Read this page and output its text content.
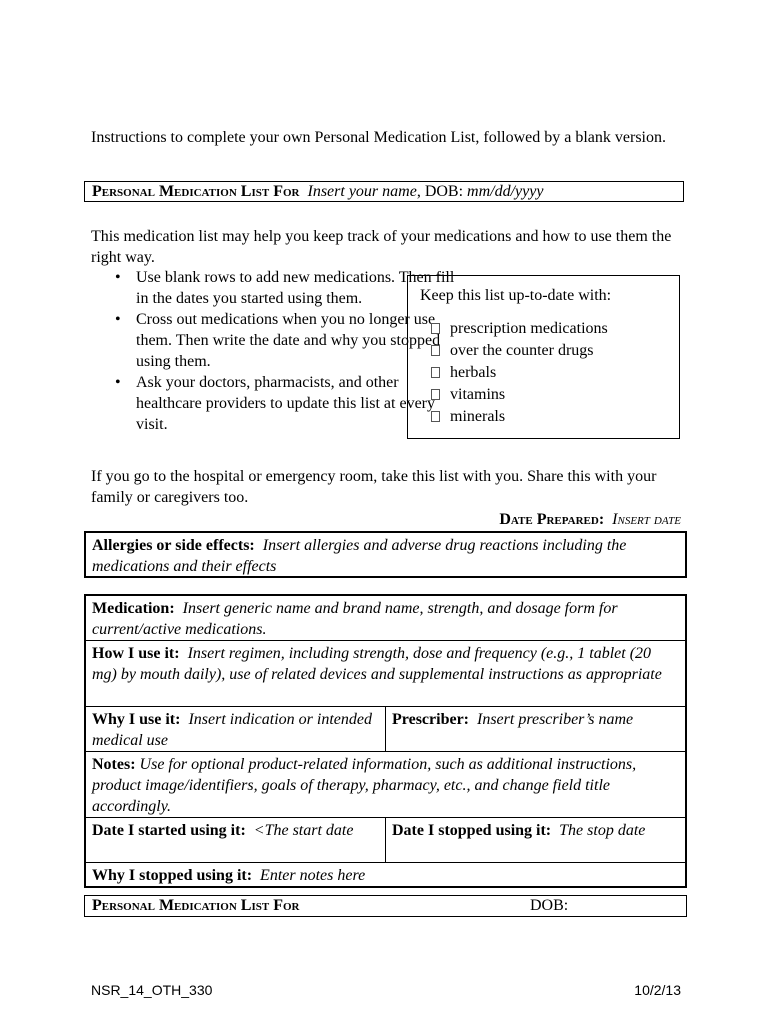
Instructions to complete your own Personal Medication List, followed by a blank version.
Personal Medication List For Insert your name, DOB: mm/dd/yyyy
This medication list may help you keep track of your medications and how to use them the right way.
• Use blank rows to add new medications. Then fill in the dates you started using them.
• Cross out medications when you no longer use them. Then write the date and why you stopped using them.
• Ask your doctors, pharmacists, and other healthcare providers to update this list at every visit.
Keep this list up-to-date with:
prescription medications
over the counter drugs
herbals
vitamins
minerals
If you go to the hospital or emergency room, take this list with you. Share this with your family or caregivers too.
Date Prepared: Insert date
Allergies or side effects: Insert allergies and adverse drug reactions including the medications and their effects
Medication: Insert generic name and brand name, strength, and dosage form for current/active medications.	
How I use it: Insert regimen, including strength, dose and frequency (e.g., 1 tablet (20 mg) by mouth daily), use of related devices and supplemental instructions as appropriate	
Why I use it: Insert indication or intended medical use	Prescriber: Insert prescriber’s name
Notes: Use for optional product-related information, such as additional instructions, product image/identifiers, goals of therapy, pharmacy, etc., and change field title accordingly.	
Date I started using it: <The start date	Date I stopped using it: The stop date
Why I stopped using it: Enter notes here	
Personal Medication List For	DOB:
NSR_14_OTH_330	10/2/13
